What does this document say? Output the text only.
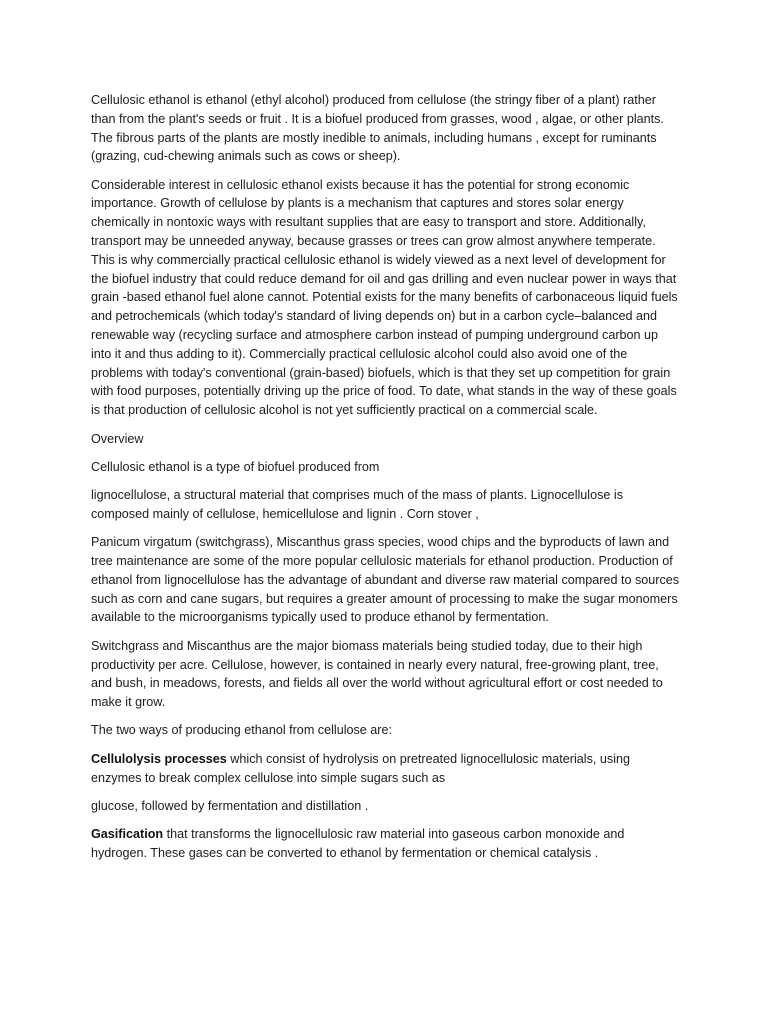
Cellulosic ethanol is ethanol (ethyl alcohol) produced from cellulose (the stringy fiber of a plant) rather than from the plant's seeds or fruit . It is a biofuel produced from grasses, wood , algae, or other plants. The fibrous parts of the plants are mostly inedible to animals, including humans , except for ruminants (grazing, cud-chewing animals such as cows or sheep).

Considerable interest in cellulosic ethanol exists because it has the potential for strong economic importance. Growth of cellulose by plants is a mechanism that captures and stores solar energy chemically in nontoxic ways with resultant supplies that are easy to transport and store. Additionally, transport may be unneeded anyway, because grasses or trees can grow almost anywhere temperate. This is why commercially practical cellulosic ethanol is widely viewed as a next level of development for the biofuel industry that could reduce demand for oil and gas drilling and even nuclear power in ways that grain -based ethanol fuel alone cannot. Potential exists for the many benefits of carbonaceous liquid fuels and petrochemicals (which today's standard of living depends on) but in a carbon cycle–balanced and renewable way (recycling surface and atmosphere carbon instead of pumping underground carbon up into it and thus adding to it). Commercially practical cellulosic alcohol could also avoid one of the problems with today's conventional (grain-based) biofuels, which is that they set up competition for grain with food purposes, potentially driving up the price of food. To date, what stands in the way of these goals is that production of cellulosic alcohol is not yet sufficiently practical on a commercial scale.

Overview

Cellulosic ethanol is a type of biofuel produced from

lignocellulose, a structural material that comprises much of the mass of plants. Lignocellulose is composed mainly of cellulose, hemicellulose and lignin . Corn stover ,

Panicum virgatum (switchgrass), Miscanthus grass species, wood chips and the byproducts of lawn and tree maintenance are some of the more popular cellulosic materials for ethanol production. Production of ethanol from lignocellulose has the advantage of abundant and diverse raw material compared to sources such as corn and cane sugars, but requires a greater amount of processing to make the sugar monomers available to the microorganisms typically used to produce ethanol by fermentation.

Switchgrass and Miscanthus are the major biomass materials being studied today, due to their high productivity per acre. Cellulose, however, is contained in nearly every natural, free-growing plant, tree, and bush, in meadows, forests, and fields all over the world without agricultural effort or cost needed to make it grow.

The two ways of producing ethanol from cellulose are:

Cellulolysis processes which consist of hydrolysis on pretreated lignocellulosic materials, using enzymes to break complex cellulose into simple sugars such as

glucose, followed by fermentation and distillation .

Gasification that transforms the lignocellulosic raw material into gaseous carbon monoxide and hydrogen. These gases can be converted to ethanol by fermentation or chemical catalysis .
